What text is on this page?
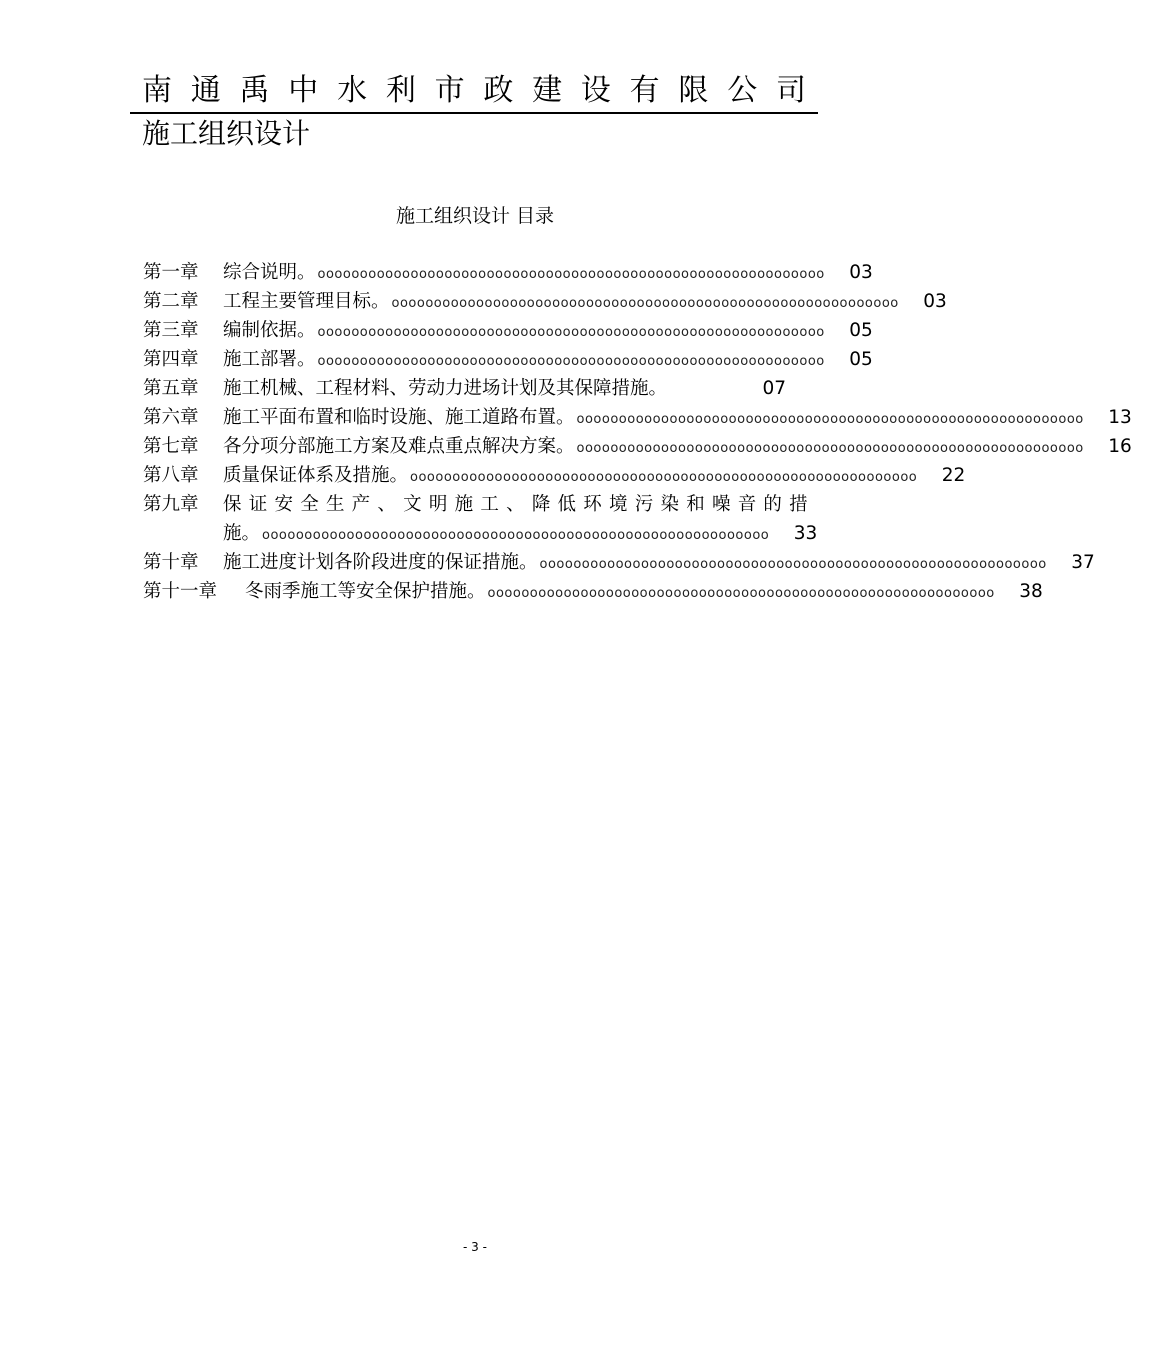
南 通 禹 中 水 利 市 政 建 设 有 限 公 司
施工组织设计
施工组织设计 目录
第一章	综合说明。 oooooooooooooooooooooooooooooooooooooooooooooooooooooooooooo	03
第二章	工程主要管理目标。 oooooooooooooooooooooooooooooooooooooooooooooooooooooooooooo	03
第三章	编制依据。 oooooooooooooooooooooooooooooooooooooooooooooooooooooooooooo	05
第四章	施工部署。 oooooooooooooooooooooooooooooooooooooooooooooooooooooooooooo	05
第五章	施工机械、工程材料、劳动力进场计划及其保障措施。	07
第六章	施工平面布置和临时设施、施工道路布置。 oooooooooooooooooooooooooooooooooooooooooooooooooooooooooooo	13
第七章	各分项分部施工方案及难点重点解决方案。 oooooooooooooooooooooooooooooooooooooooooooooooooooooooooooo	16
第八章	质量保证体系及措施。 oooooooooooooooooooooooooooooooooooooooooooooooooooooooooooo	22
第九章	保 证 安 全 生 产 、 文 明 施 工 、 降 低 环 境 污 染 和 噪 音 的 措
施。 oooooooooooooooooooooooooooooooooooooooooooooooooooooooooooo	33
第十章	施工进度计划各阶段进度的保证措施。 oooooooooooooooooooooooooooooooooooooooooooooooooooooooooooo	37
第十一章	冬雨季施工等安全保护措施。 oooooooooooooooooooooooooooooooooooooooooooooooooooooooooooo	38
- 3 -
